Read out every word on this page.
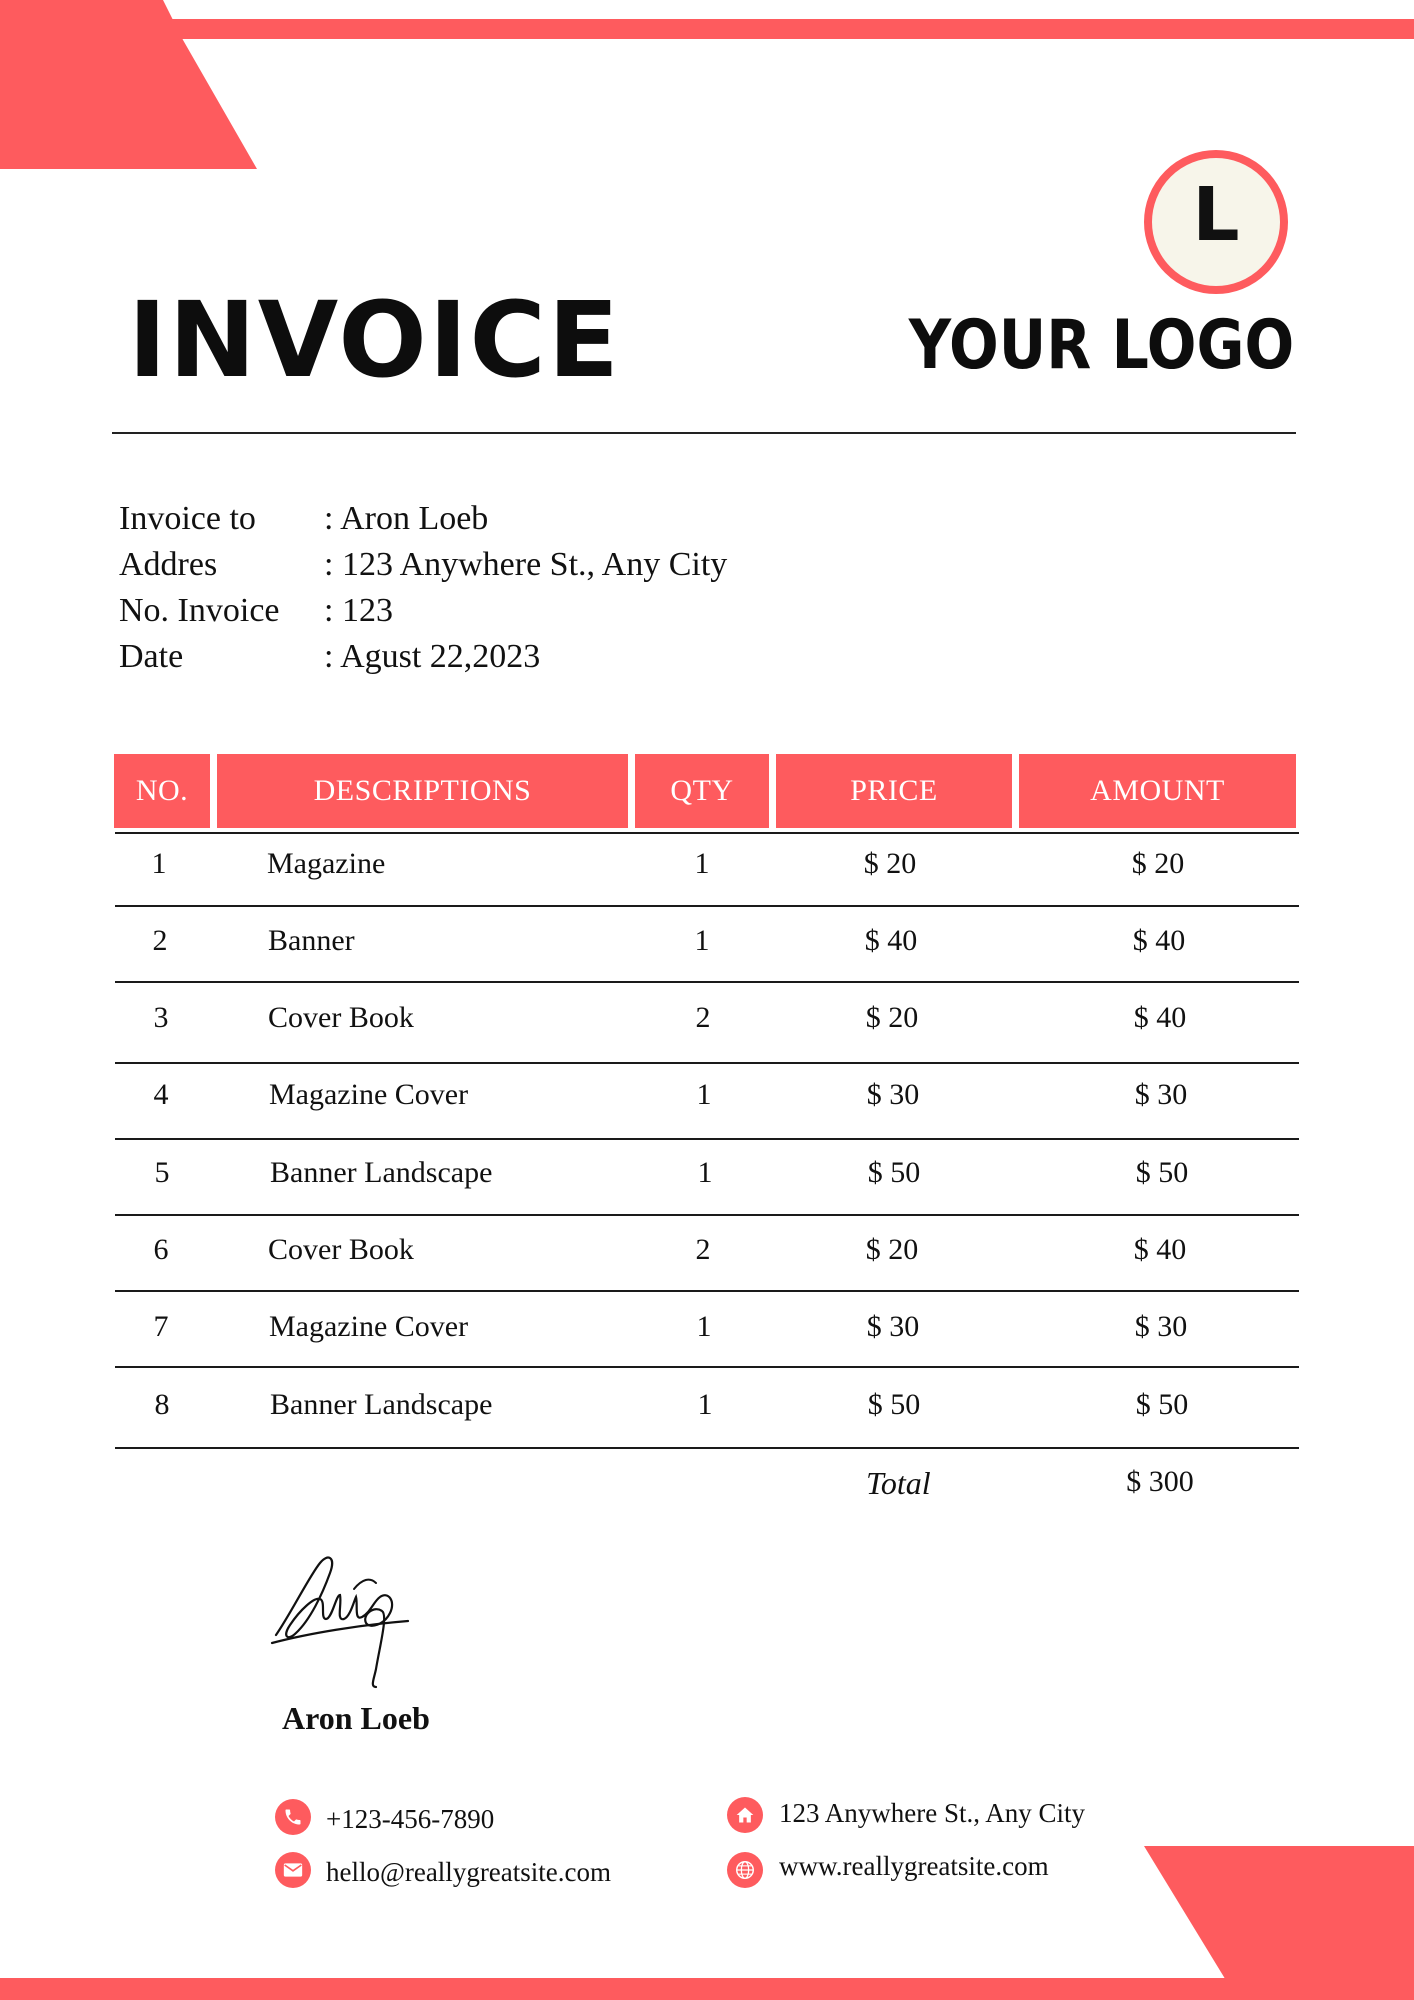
INVOICE
L
YOUR LOGO
Invoice to : Aron Loeb
Addres	: 123 Anywhere St., Any City
No. Invoice : 123
Date	: Agust 22,2023
NO.	DESCRIPTIONS	QTY	PRICE	AMOUNT
1	Magazine	1	$ 20	$ 20
2	Banner	1	$ 40	$ 40
3	Cover Book	2	$ 20	$ 40
4	Magazine Cover	1	$ 30	$ 30
5	Banner Landscape	1	$ 50	$ 50
6	Cover Book	2	$ 20	$ 40
7	Magazine Cover	1	$ 30	$ 30
8	Banner Landscape	1	$ 50	$ 50
Total	$ 300
Aron Loeb
+123-456-7890
hello@reallygreatsite.com
123 Anywhere St., Any City
www.reallygreatsite.com
